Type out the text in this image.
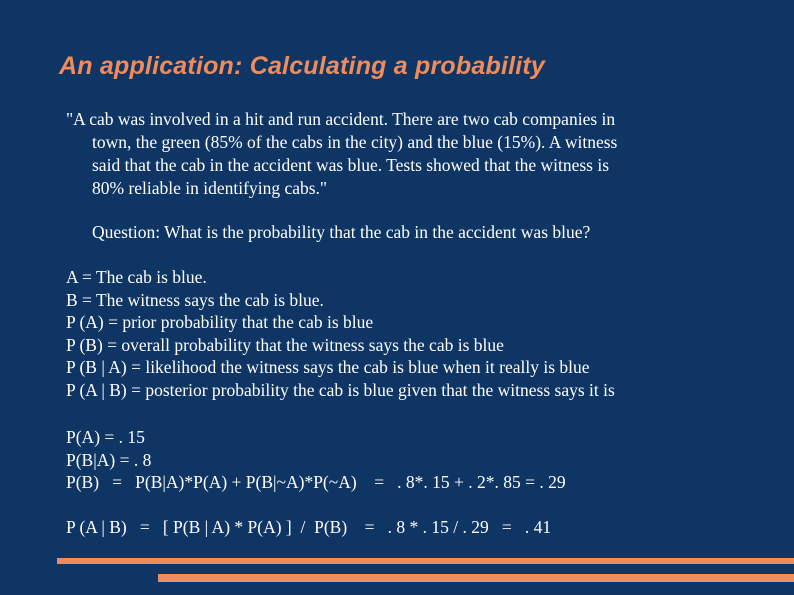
An application: Calculating a probability
"A cab was involved in a hit and run accident. There are two cab companies in
town, the green (85% of the cabs in the city) and the blue (15%). A witness
said that the cab in the accident was blue. Tests showed that the witness is
80% reliable in identifying cabs."
Question: What is the probability that the cab in the accident was blue?
A = The cab is blue.
B = The witness says the cab is blue.
P (A) = prior probability that the cab is blue
P (B) = overall probability that the witness says the cab is blue
P (B | A) = likelihood the witness says the cab is blue when it really is blue
P (A | B) = posterior probability the cab is blue given that the witness says it is
P(A) = . 15
P(B|A) = . 8
P(B)   =   P(B|A)*P(A) + P(B|~A)*P(~A)    =   . 8*. 15 + . 2*. 85 = . 29
P (A | B)   =   [ P(B | A) * P(A) ]  /  P(B)    =   . 8 * . 15 / . 29   =   . 41
